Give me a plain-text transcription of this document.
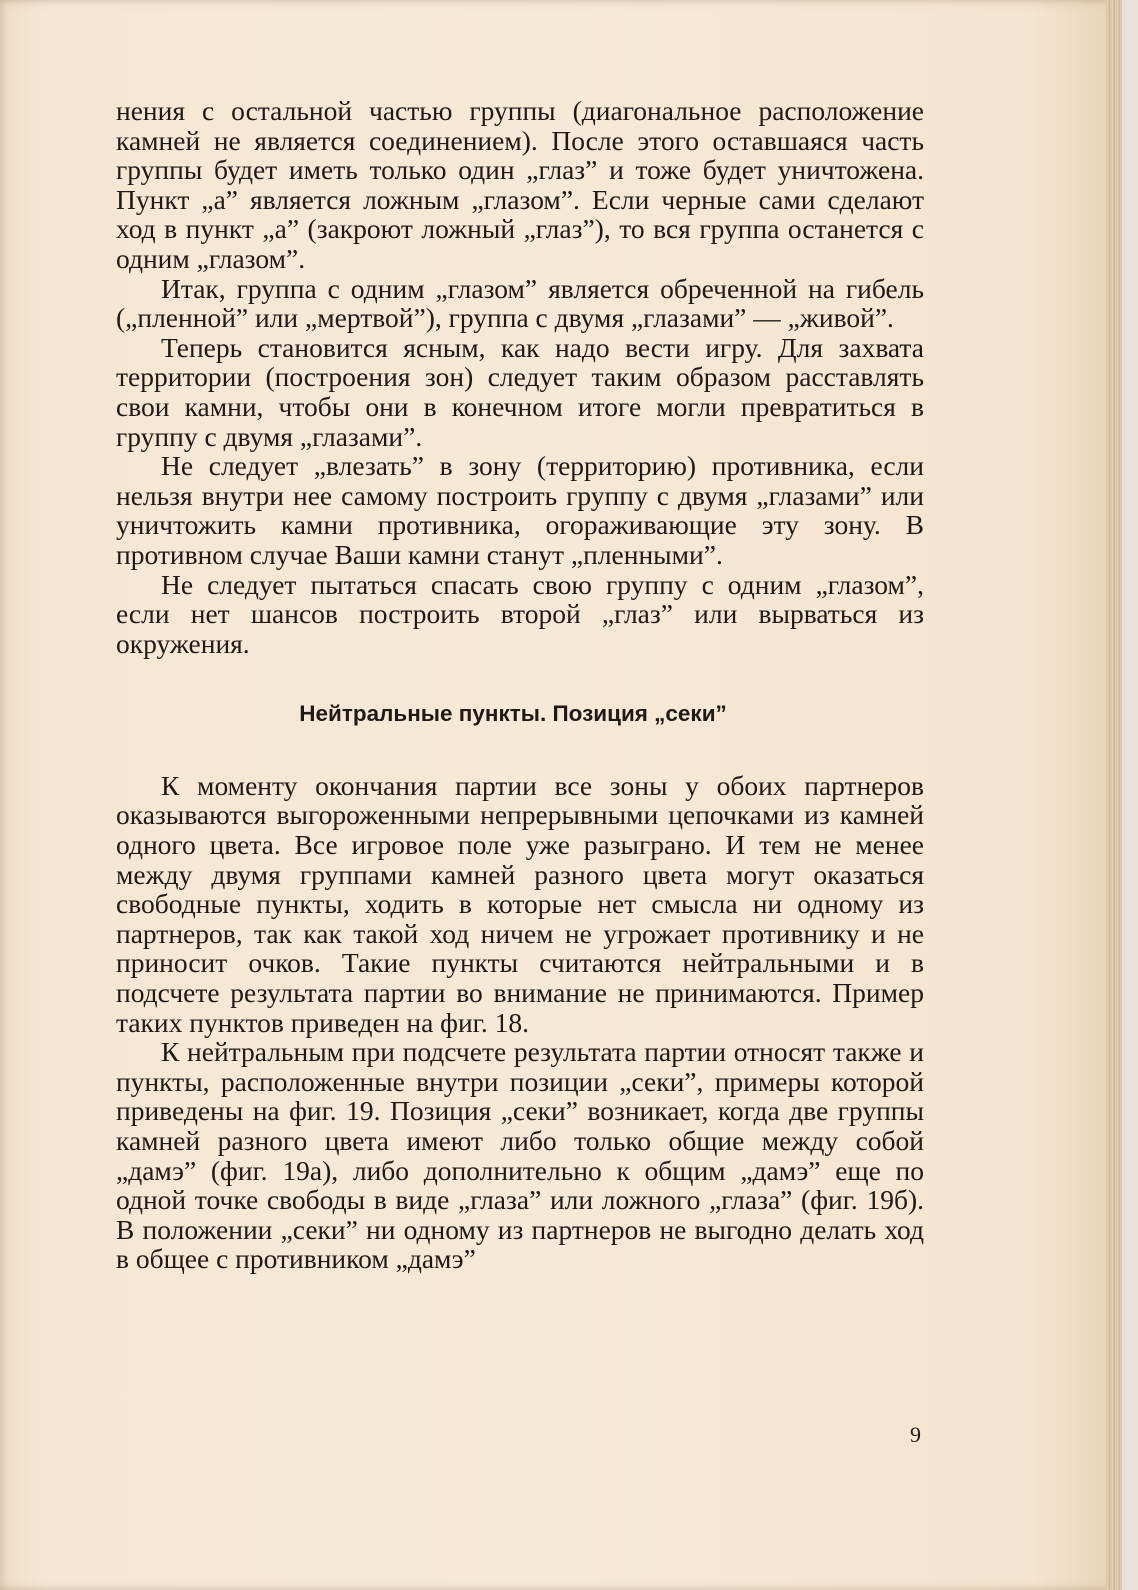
нения с остальной частью группы (диагональное расположение камней не является соединением). После этого оставшаяся часть группы будет иметь только один „глаз” и тоже будет уничтожена. Пункт „а” является ложным „глазом”. Если черные сами сделают ход в пункт „а” (закроют ложный „глаз”), то вся группа останется с одним „глазом”.

Итак, группа с одним „глазом” является обреченной на гибель („пленной” или „мертвой”), группа с двумя „глазами” — „живой”.

Теперь становится ясным, как надо вести игру. Для захвата территории (построения зон) следует таким образом расставлять свои камни, чтобы они в конечном итоге могли превратиться в группу с двумя „глазами”.

Не следует „влезать” в зону (территорию) противника, если нельзя внутри нее самому построить группу с двумя „глазами” или уничтожить камни противника, огораживающие эту зону. В противном случае Ваши камни станут „пленными”.

Не следует пытаться спасать свою группу с одним „глазом”, если нет шансов построить второй „глаз” или вырваться из окружения.

Нейтральные пункты. Позиция „секи”

К моменту окончания партии все зоны у обоих партнеров оказываются выгороженными непрерывными цепочками из камней одного цвета. Все игровое поле уже разыграно. И тем не менее между двумя группами камней разного цвета могут оказаться свободные пункты, ходить в которые нет смысла ни одному из партнеров, так как такой ход ничем не угрожает противнику и не приносит очков. Такие пункты считаются нейтральными и в подсчете результата партии во внимание не принимаются. Пример таких пунктов приведен на фиг. 18.

К нейтральным при подсчете результата партии относят также и пункты, расположенные внутри позиции „секи”, примеры которой приведены на фиг. 19. Позиция „секи” возникает, когда две группы камней разного цвета имеют либо только общие между собой „дамэ” (фиг. 19а), либо дополнительно к общим „дамэ” еще по одной точке свободы в виде „глаза” или ложного „глаза” (фиг. 19б). В положении „секи” ни одному из партнеров не выгодно делать ход в общее с противником „дамэ”

9
